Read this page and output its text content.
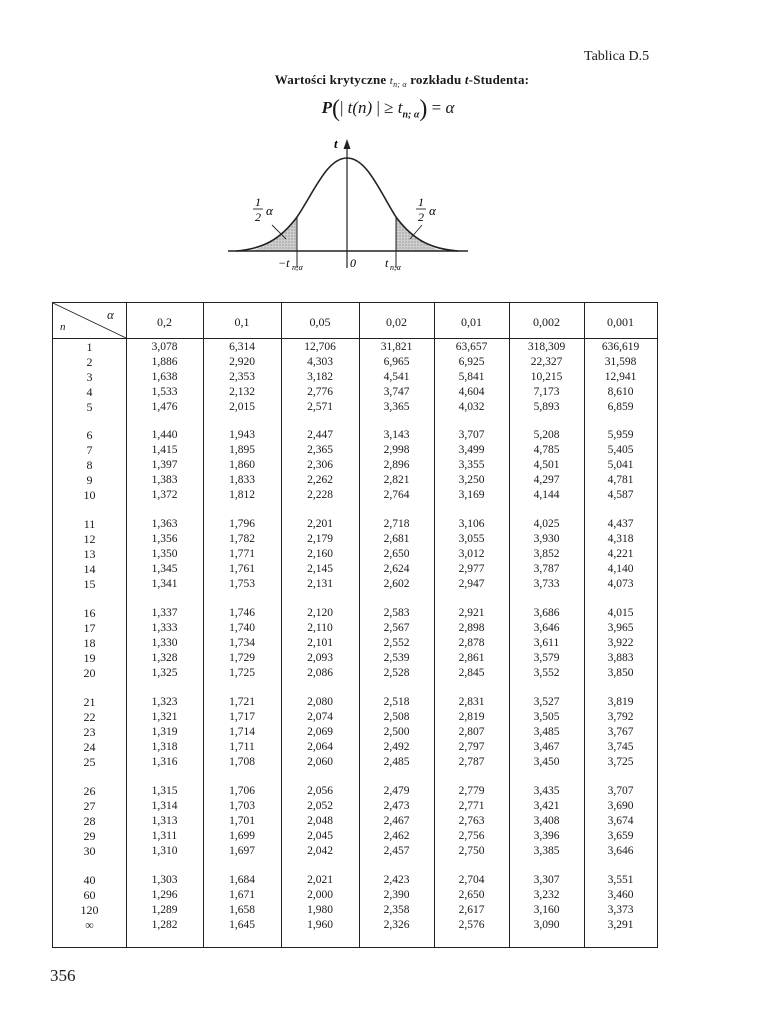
Tablica D.5
Wartości krytyczne $t_{n; \alpha}$ rozkładu t-Studenta:
P(| t(n) | ≥ $t_{n; \alpha}) = \alpha$
t
1
2 α
1
2 α
−t n;α	0 t n;α
α
n	0,2	0,1	0,05	0,02	0,01	0,002	0,001
1	3,078	6,314	12,706	31,821	63,657	318,309	636,619
2	1,886	2,920	4,303	6,965	6,925	22,327	31,598
3	1,638	2,353	3,182	4,541	5,841	10,215	12,941
4	1,533	2,132	2,776	3,747	4,604	7,173	8,610
5	1,476	2,015	2,571	3,365	4,032	5,893	6,859
6	1,440	1,943	2,447	3,143	3,707	5,208	5,959
7	1,415	1,895	2,365	2,998	3,499	4,785	5,405
8	1,397	1,860	2,306	2,896	3,355	4,501	5,041
9	1,383	1,833	2,262	2,821	3,250	4,297	4,781
10	1,372	1,812	2,228	2,764	3,169	4,144	4,587
11	1,363	1,796	2,201	2,718	3,106	4,025	4,437
12	1,356	1,782	2,179	2,681	3,055	3,930	4,318
13	1,350	1,771	2,160	2,650	3,012	3,852	4,221
14	1,345	1,761	2,145	2,624	2,977	3,787	4,140
15	1,341	1,753	2,131	2,602	2,947	3,733	4,073
16	1,337	1,746	2,120	2,583	2,921	3,686	4,015
17	1,333	1,740	2,110	2,567	2,898	3,646	3,965
18	1,330	1,734	2,101	2,552	2,878	3,611	3,922
19	1,328	1,729	2,093	2,539	2,861	3,579	3,883
20	1,325	1,725	2,086	2,528	2,845	3,552	3,850
21	1,323	1,721	2,080	2,518	2,831	3,527	3,819
22	1,321	1,717	2,074	2,508	2,819	3,505	3,792
23	1,319	1,714	2,069	2,500	2,807	3,485	3,767
24	1,318	1,711	2,064	2,492	2,797	3,467	3,745
25	1,316	1,708	2,060	2,485	2,787	3,450	3,725
26	1,315	1,706	2,056	2,479	2,779	3,435	3,707
27	1,314	1,703	2,052	2,473	2,771	3,421	3,690
28	1,313	1,701	2,048	2,467	2,763	3,408	3,674
29	1,311	1,699	2,045	2,462	2,756	3,396	3,659
30	1,310	1,697	2,042	2,457	2,750	3,385	3,646
40	1,303	1,684	2,021	2,423	2,704	3,307	3,551
60	1,296	1,671	2,000	2,390	2,650	3,232	3,460
120	1,289	1,658	1,980	2,358	2,617	3,160	3,373
∞	1,282	1,645	1,960	2,326	2,576	3,090	3,291
356
